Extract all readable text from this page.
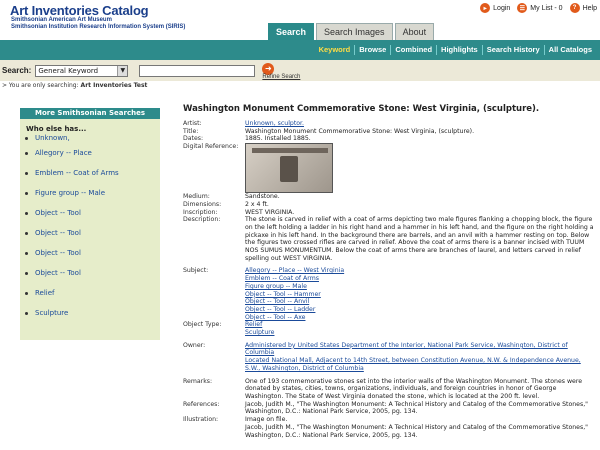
Art Inventories Catalog
Smithsonian American Art Museum
Smithsonian Institution Research Information System (SIRIS)
▸ Login	☰ My List - 0	? Help
Search	Search Images	About
Keyword	Browse	Combined	Highlights	Search History	All Catalogs
Search: General Keyword	▼	➜
Refine Search
> You are only searching: Art Inventories Test
More Smithsonian Searches
Who else has...
Unknown,
Allegory -- Place
Emblem -- Coat of Arms
Figure group -- Male
Object -- Tool
Object -- Tool
Object -- Tool
Object -- Tool
Relief
Sculpture
Washington Monument Commemorative Stone: West Virginia, (sculpture).
Artist:	Unknown, sculptor.
Title:	Washington Monument Commemorative Stone: West Virginia, (sculpture).
Dates:	1885. Installed 1885.
Digital Reference:
Medium:	Sandstone.
Dimensions:	2 x 4 ft.
Inscription:	WEST VIRGINIA.
Description:	The stone is carved in relief with a coat of arms depicting two male figures flanking a chopping block, the figure on the left holding a ladder in his right hand and a hammer in his left hand, and the figure on the right holding a pickaxe in his left hand. In the background there are barrels, and an anvil with a hammer resting on top. Below the figures two crossed rifles are carved in relief. Above the coat of arms there is a banner incised with TUUM NOS SUMUS MONUMENTUM. Below the coat of arms there are branches of laurel, and letters carved in relief spelling out WEST VIRGINIA.
Subject:	Allegory -- Place -- West Virginia
Emblem -- Coat of Arms
Figure group -- Male
Object -- Tool -- Hammer
Object -- Tool -- Anvil
Object -- Tool -- Ladder
Object -- Tool -- Axe
Object Type:	Relief
Sculpture
Owner:	Administered by United States Department of the Interior, National Park Service, Washington, District of Columbia
Located National Mall, Adjacent to 14th Street, between Constitution Avenue, N.W. & Independence Avenue, S.W., Washington, District of Columbia
Remarks:	One of 193 commemorative stones set into the interior walls of the Washington Monument. The stones were donated by states, cities, towns, organizations, individuals, and foreign countries in honor of George Washington. The State of West Virginia donated the stone, which is located at the 200 ft. level.
References:	Jacob, Judith M., "The Washington Monument: A Technical History and Catalog of the Commemorative Stones," Washington, D.C.: National Park Service, 2005, pg. 134.
Illustration:	Image on file.
Jacob, Judith M., "The Washington Monument: A Technical History and Catalog of the Commemorative Stones," Washington, D.C.: National Park Service, 2005, pg. 134.
